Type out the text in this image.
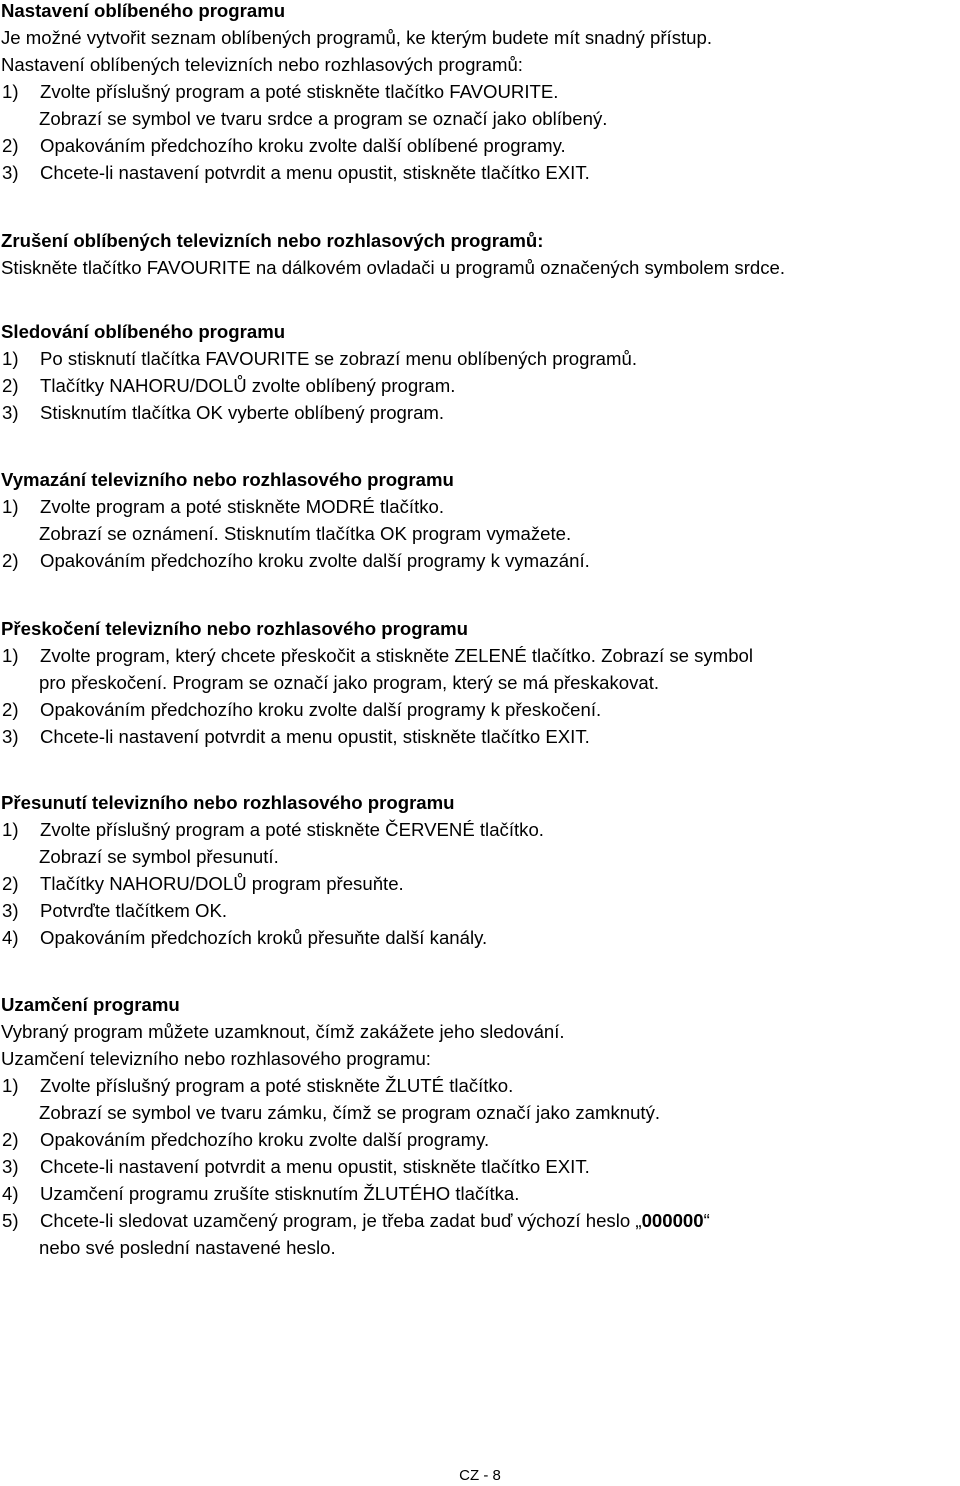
Nastavení oblíbeného programu
Je možné vytvořit seznam oblíbených programů, ke kterým budete mít snadný přístup.
Nastavení oblíbených televizních nebo rozhlasových programů:
1) Zvolte příslušný program a poté stiskněte tlačítko FAVOURITE.
Zobrazí se symbol ve tvaru srdce a program se označí jako oblíbený.
2) Opakováním předchozího kroku zvolte další oblíbené programy.
3) Chcete-li nastavení potvrdit a menu opustit, stiskněte tlačítko EXIT.
Zrušení oblíbených televizních nebo rozhlasových programů:
Stiskněte tlačítko FAVOURITE na dálkovém ovladači u programů označených symbolem srdce.
Sledování oblíbeného programu
1) Po stisknutí tlačítka FAVOURITE se zobrazí menu oblíbených programů.
2) Tlačítky NAHORU/DOLŮ zvolte oblíbený program.
3) Stisknutím tlačítka OK vyberte oblíbený program.
Vymazání televizního nebo rozhlasového programu
1) Zvolte program a poté stiskněte MODRÉ tlačítko.
Zobrazí se oznámení. Stisknutím tlačítka OK program vymažete.
2) Opakováním předchozího kroku zvolte další programy k vymazání.
Přeskočení televizního nebo rozhlasového programu
1) Zvolte program, který chcete přeskočit a stiskněte ZELENÉ tlačítko. Zobrazí se symbol
pro přeskočení. Program se označí jako program, který se má přeskakovat.
2) Opakováním předchozího kroku zvolte další programy k přeskočení.
3) Chcete-li nastavení potvrdit a menu opustit, stiskněte tlačítko EXIT.
Přesunutí televizního nebo rozhlasového programu
1) Zvolte příslušný program a poté stiskněte ČERVENÉ tlačítko.
Zobrazí se symbol přesunutí.
2) Tlačítky NAHORU/DOLŮ program přesuňte.
3) Potvrďte tlačítkem OK.
4) Opakováním předchozích kroků přesuňte další kanály.
Uzamčení programu
Vybraný program můžete uzamknout, čímž zakážete jeho sledování.
Uzamčení televizního nebo rozhlasového programu:
1) Zvolte příslušný program a poté stiskněte ŽLUTÉ tlačítko.
Zobrazí se symbol ve tvaru zámku, čímž se program označí jako zamknutý.
2) Opakováním předchozího kroku zvolte další programy.
3) Chcete-li nastavení potvrdit a menu opustit, stiskněte tlačítko EXIT.
4) Uzamčení programu zrušíte stisknutím ŽLUTÉHO tlačítka.
5) Chcete-li sledovat uzamčený program, je třeba zadat buď výchozí heslo „000000“
nebo své poslední nastavené heslo.
CZ - 8
